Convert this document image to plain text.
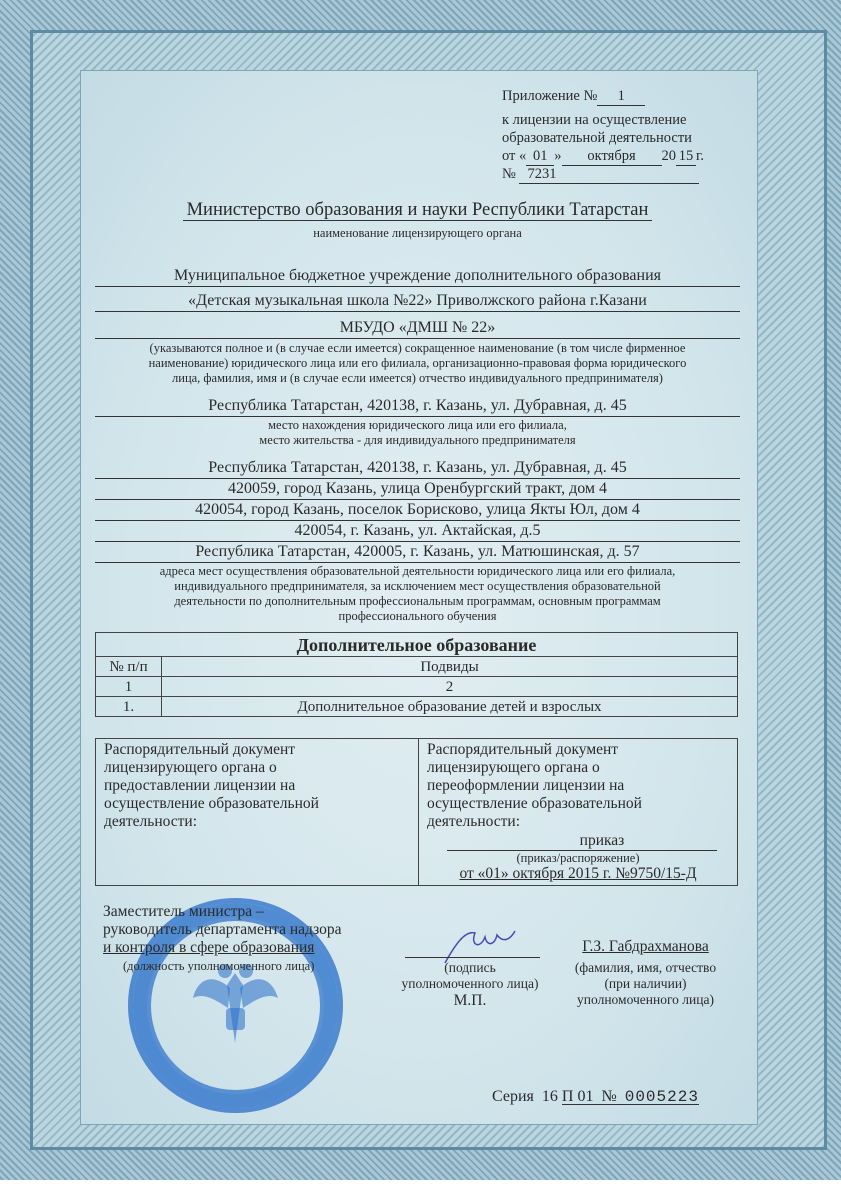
Приложение № 1
к лицензии на осуществление
образовательной деятельности
от « 01 » октября 20 15 г.
№ 7231
Министерство образования и науки Республики Татарстан
наименование лицензирующего органа
Муниципальное бюджетное учреждение дополнительного образования
«Детская музыкальная школа №22» Приволжского района г.Казани
МБУДО «ДМШ № 22»
(указываются полное и (в случае если имеется) сокращенное наименование (в том числе фирменное
наименование) юридического лица или его филиала, организационно-правовая форма юридического
лица, фамилия, имя и (в случае если имеется) отчество индивидуального предпринимателя)
Республика Татарстан, 420138, г. Казань, ул. Дубравная, д. 45
место нахождения юридического лица или его филиала,
место жительства - для индивидуального предпринимателя
Республика Татарстан, 420138, г. Казань, ул. Дубравная, д. 45
420059, город Казань, улица Оренбургский тракт, дом 4
420054, город Казань, поселок Борисково, улица Якты Юл, дом 4
420054, г. Казань, ул. Актайская, д.5
Республика Татарстан, 420005, г. Казань, ул. Матюшинская, д. 57
адреса мест осуществления образовательной деятельности юридического лица или его филиала,
индивидуального предпринимателя, за исключением мест осуществления образовательной
деятельности по дополнительным профессиональным программам, основным программам
профессионального обучения
Дополнительное образование	
№ п/п	Подвиды
1	2
1.	Дополнительное образование детей и взрослых
Распорядительный документ
лицензирующего органа о
предоставлении лицензии на
осуществление образовательной
деятельности:
Распорядительный документ
лицензирующего органа о
переоформлении лицензии на
осуществление образовательной
деятельности:
приказ
(приказ/распоряжение)
от «01» октября 2015 г. №9750/15-Д
Заместитель министра –
руководитель департамента надзора
и контроля в сфере образования
(должность уполномоченного лица)	(подпись
уполномоченного лица)
М.П.
Г.З. Габдрахманова
(фамилия, имя, отчество
(при наличии)
уполномоченного лица)
Серия 16 П 01 № 0005223
